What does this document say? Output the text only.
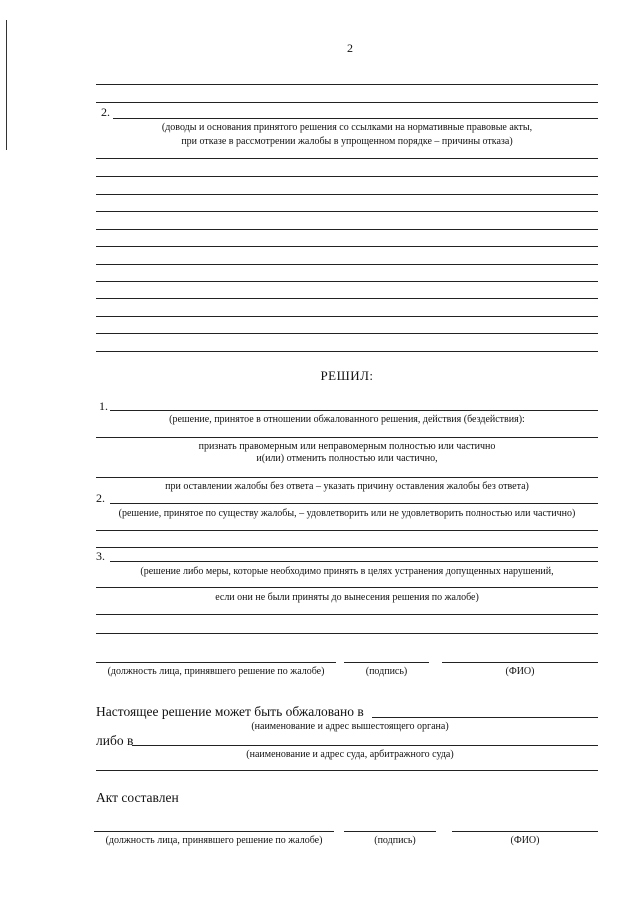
2
2.
(доводы и основания принятого решения со ссылками на нормативные правовые акты,
при отказе в рассмотрении жалобы в упрощенном порядке – причины отказа)
РЕШИЛ:
1.
(решение, принятое в отношении обжалованного решения, действия (бездействия):
признать правомерным или неправомерным полностью или частично
и(или) отменить полностью или частично,
при оставлении жалобы без ответа – указать причину оставления жалобы без ответа)
2.
(решение, принятое по существу жалобы, – удовлетворить или не удовлетворить полностью или частично)
3.
(решение либо меры, которые необходимо принять в целях устранения допущенных нарушений,
если они не были приняты до вынесения решения по жалобе)
(должность лица, принявшего решение по жалобе)	(подпись)	(ФИО)
Настоящее решение может быть обжаловано в
(наименование и адрес вышестоящего органа)
либо в
(наименование и адрес суда, арбитражного суда)
Акт составлен
(должность лица, принявшего решение по жалобе)	(подпись)	(ФИО)
